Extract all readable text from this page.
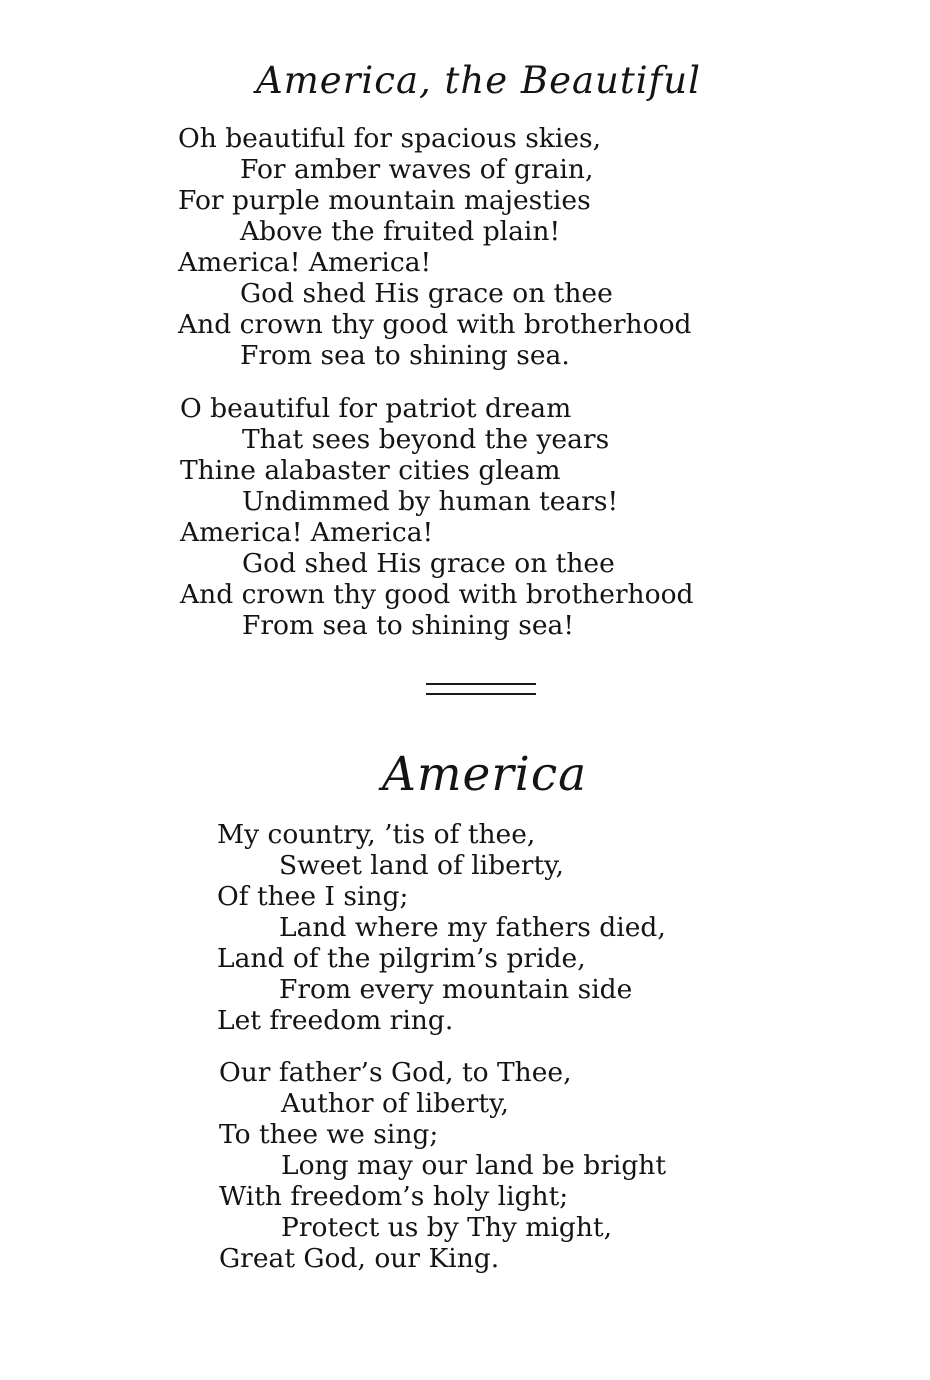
America, the Beautiful
Oh beautiful for spacious skies,
For amber waves of grain,
For purple mountain majesties
Above the fruited plain!
America! America!
God shed His grace on thee
And crown thy good with brotherhood
From sea to shining sea.
O beautiful for patriot dream
That sees beyond the years
Thine alabaster cities gleam
Undimmed by human tears!
America! America!
God shed His grace on thee
And crown thy good with brotherhood
From sea to shining sea!
America
My country, ’tis of thee,
Sweet land of liberty,
Of thee I sing;
Land where my fathers died,
Land of the pilgrim’s pride,
From every mountain side
Let freedom ring.
Our father’s God, to Thee,
Author of liberty,
To thee we sing;
Long may our land be bright
With freedom’s holy light;
Protect us by Thy might,
Great God, our King.
